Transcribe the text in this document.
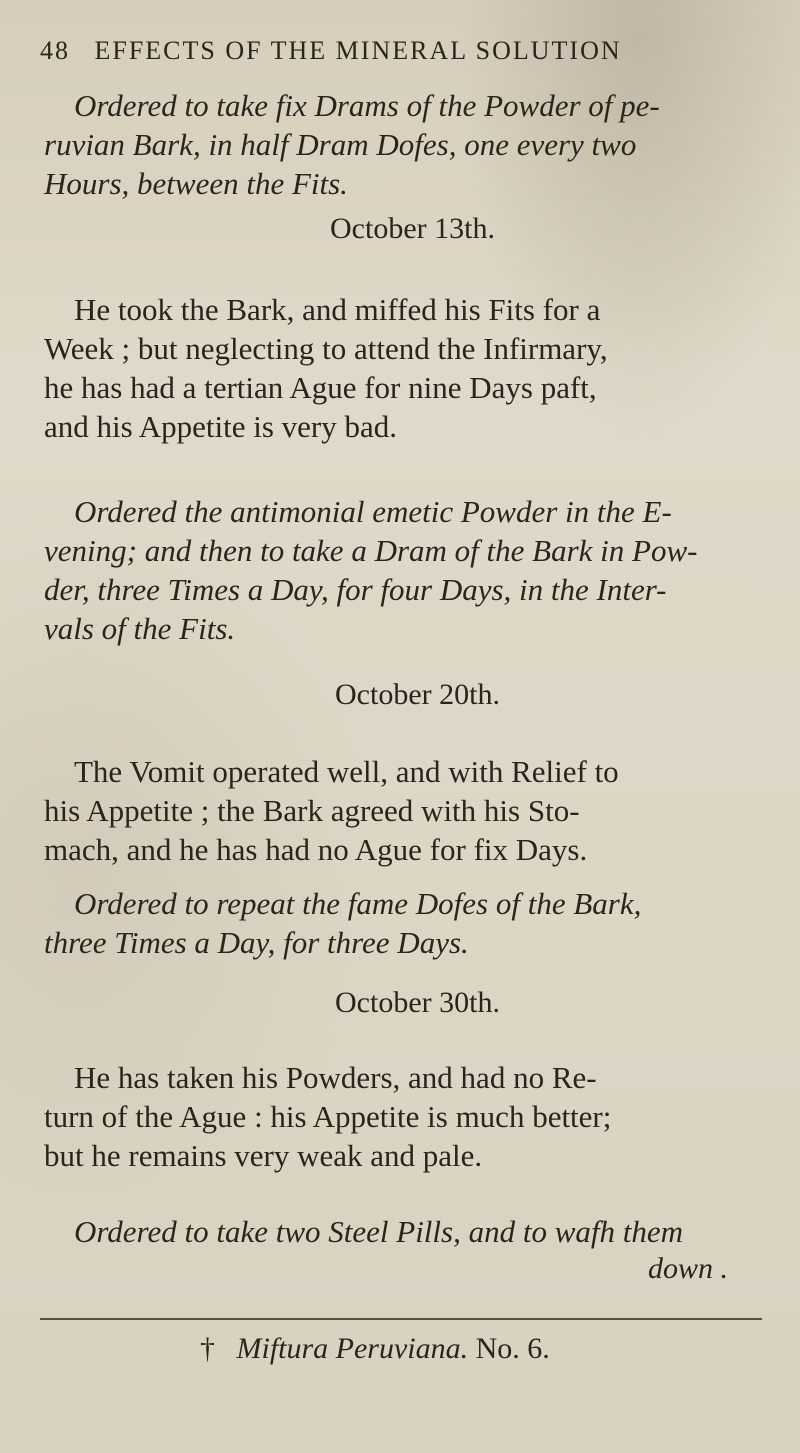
48 EFFECTS OF THE MINERAL SOLUTION
Ordered to take fix Drams of the Powder of pe-
ruvian Bark, in half Dram Dofes, one every two
Hours, between the Fits.
October 13th.
He took the Bark, and miffed his Fits for a
Week ; but neglecting to attend the Infirmary,
he has had a tertian Ague for nine Days paft,
and his Appetite is very bad.
Ordered the antimonial emetic Powder in the E-
vening; and then to take a Dram of the Bark in Pow-
der, three Times a Day, for four Days, in the Inter-
vals of the Fits.
October 20th.
The Vomit operated well, and with Relief to
his Appetite ; the Bark agreed with his Sto-
mach, and he has had no Ague for fix Days.
Ordered to repeat the fame Dofes of the Bark,
three Times a Day, for three Days.
October 30th.
He has taken his Powders, and had no Re-
turn of the Ague : his Appetite is much better;
but he remains very weak and pale.
Ordered to take two Steel Pills, and to wafh them
down .
† Miftura Peruviana. No. 6.
